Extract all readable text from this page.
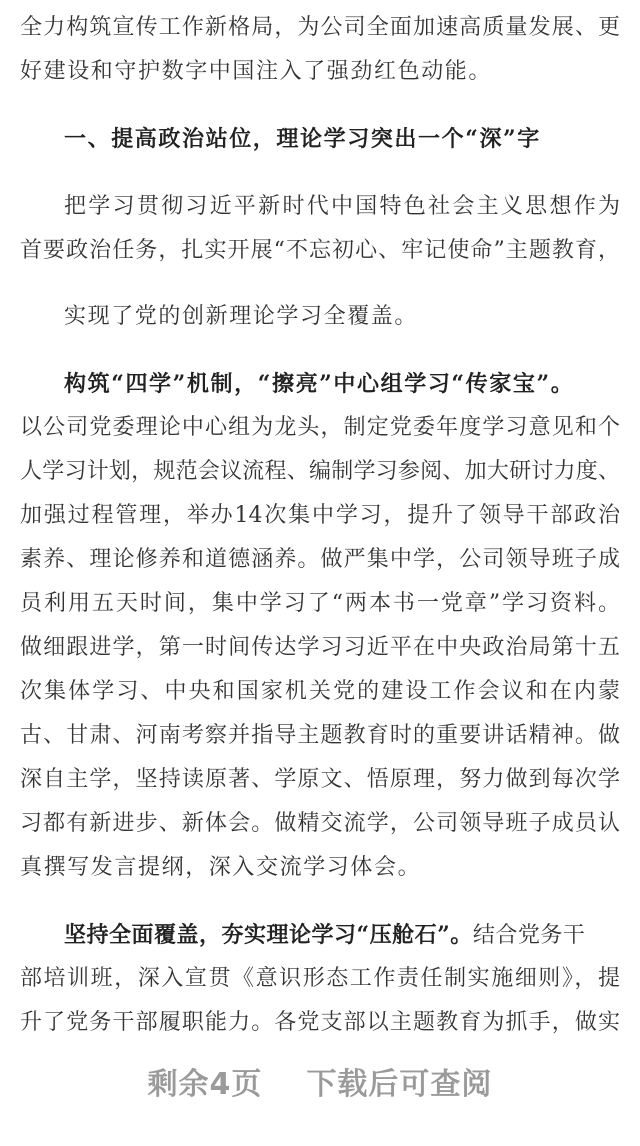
全力构筑宣传工作新格局，为公司全面加速高质量发展、更
好建设和守护数字中国注入了强劲红色动能。
一、提高政治站位，理论学习突出一个“深”字
把学习贯彻习近平新时代中国特色社会主义思想作为
首要政治任务，扎实开展“不忘初心、牢记使命”主题教育，
实现了党的创新理论学习全覆盖。
构筑“四学”机制，“擦亮”中心组学习“传家宝”。
以公司党委理论中心组为龙头，制定党委年度学习意见和个
人学习计划，规范会议流程、编制学习参阅、加大研讨力度、
加强过程管理，举办14次集中学习，提升了领导干部政治
素养、理论修养和道德涵养。做严集中学，公司领导班子成
员利用五天时间，集中学习了“两本书一党章”学习资料。
做细跟进学，第一时间传达学习习近平在中央政治局第十五
次集体学习、中央和国家机关党的建设工作会议和在内蒙
古、甘肃、河南考察并指导主题教育时的重要讲话精神。做
深自主学，坚持读原著、学原文、悟原理，努力做到每次学
习都有新进步、新体会。做精交流学，公司领导班子成员认
真撰写发言提纲，深入交流学习体会。
坚持全面覆盖，夯实理论学习“压舱石”。结合党务干
部培训班，深入宣贯《意识形态工作责任制实施细则》，提
升了党务干部履职能力。各党支部以主题教育为抓手，做实
剩余4页 下载后可查阅
